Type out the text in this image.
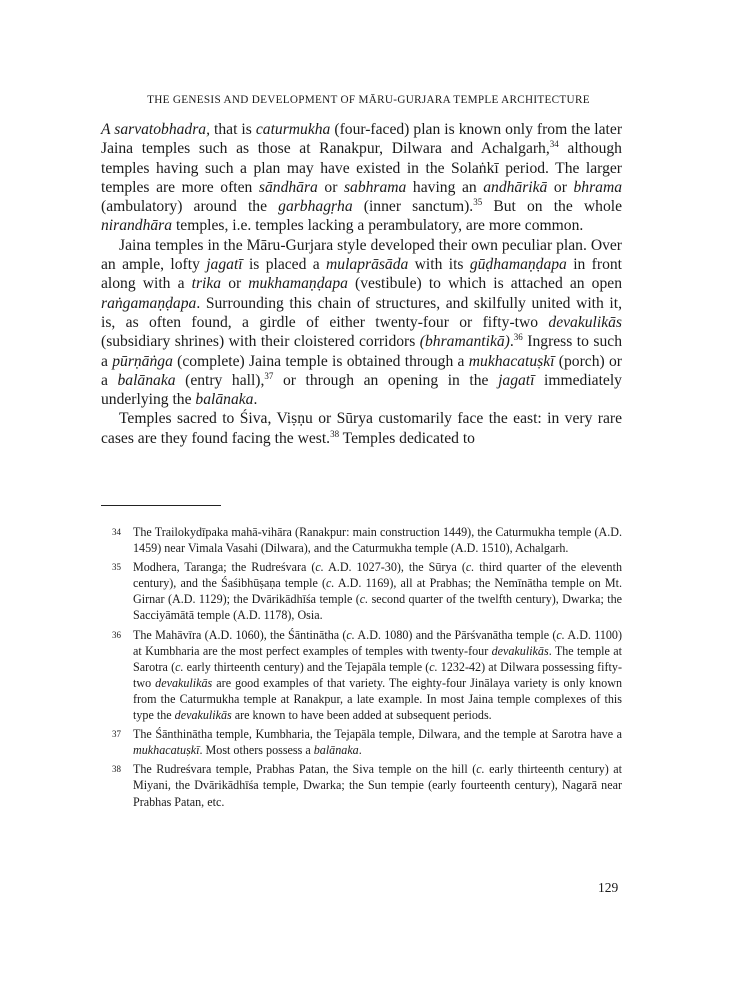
THE GENESIS AND DEVELOPMENT OF MĀRU-GURJARA TEMPLE ARCHITECTURE

A sarvatobhadra, that is caturmukha (four-faced) plan is known only from the later Jaina temples such as those at Ranakpur, Dilwara and Achalgarh,$^{34}$ although temples having such a plan may have existed in the Solaṅkī period. The larger temples are more often sāndhāra or sabhrama having an andhārikā or bhrama (ambulatory) around the garbhagṛha (inner sanctum).$^{35}$ But on the whole nirandhāra temples, i.e. temples lacking a perambulatory, are more common.

Jaina temples in the Māru-Gurjara style developed their own peculiar plan. Over an ample, lofty jagatī is placed a mulaprāsāda with its gūḍhamaṇḍapa in front along with a trika or mukhamaṇḍapa (vestibule) to which is attached an open raṅgamaṇḍapa. Surrounding this chain of structures, and skilfully united with it, is, as often found, a girdle of either twenty-four or fifty-two devakulikās (subsidiary shrines) with their cloistered corridors (bhramantikā).$^{36}$ Ingress to such a pūrṇāṅga (complete) Jaina temple is obtained through a mukhacatuṣkī (porch) or a balānaka (entry hall),$^{37}$ or through an opening in the jagatī immediately underlying the balānaka.

Temples sacred to Śiva, Viṣṇu or Sūrya customarily face the east: in very rare cases are they found facing the west.$^{38}$ Temples dedicated to

34 The Trailokydīpaka mahā-vihāra (Ranakpur: main construction 1449), the Caturmukha temple (A.D. 1459) near Vimala Vasahi (Dilwara), and the Caturmukha temple (A.D. 1510), Achalgarh.
35 Modhera, Taranga; the Rudreśvara (c. A.D. 1027-30), the Sūrya (c. third quarter of the eleventh century), and the Śaśibhūṣaṇa temple (c. A.D. 1169), all at Prabhas; the Nemīnātha temple on Mt. Girnar (A.D. 1129); the Dvārikādhīśa temple (c. second quarter of the twelfth century), Dwarka; the Sacciyāmātā temple (A.D. 1178), Osia.
36 The Mahāvīra (A.D. 1060), the Śāntinātha (c. A.D. 1080) and the Pārśvanātha temple (c. A.D. 1100) at Kumbharia are the most perfect examples of temples with twenty-four devakulikās. The temple at Sarotra (c. early thirteenth century) and the Tejapāla temple (c. 1232-42) at Dilwara possessing fifty-two devakulikās are good examples of that variety. The eighty-four Jinālaya variety is only known from the Caturmukha temple at Ranakpur, a late example. In most Jaina temple complexes of this type the devakulikās are known to have been added at subsequent periods.
37 The Śānthinātha temple, Kumbharia, the Tejapāla temple, Dilwara, and the temple at Sarotra have a mukhacatuṣkī. Most others possess a balānaka.
38 The Rudreśvara temple, Prabhas Patan, the Siva temple on the hill (c. early thirteenth century) at Miyani, the Dvārikādhīśa temple, Dwarka; the Sun tempie (early fourteenth century), Nagarā near Prabhas Patan, etc.
129
